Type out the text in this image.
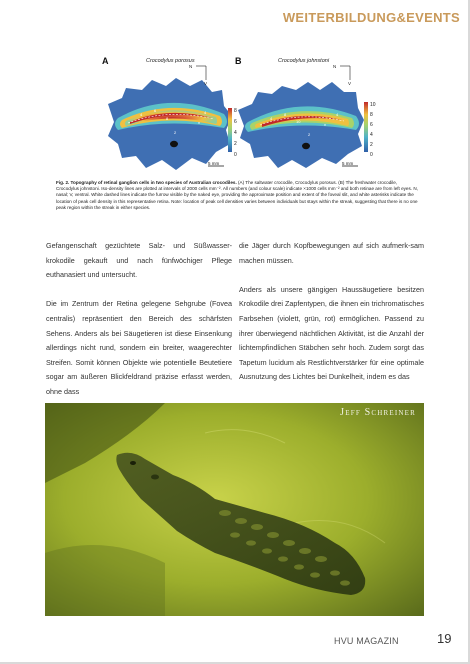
WEITERBILDUNG&EVENTS
A	Crocodylus porosus	B	Crocodylus johnstoni
4
6
8
2
4
*
N
V
4
8
10
2
4
*
N
V
8
6
4
2
0
5 mm
10
8
6
4
2
0
5 mm
Fig. 2. Topography of retinal ganglion cells in two species of Australian crocodiles. (A) The saltwater crocodile, Crocodylus porosus. (B) The freshwater crocodile, Crocodylus johnstoni. Iso-density lines are plotted at intervals of 2000 cells mm⁻². All numbers (and colour scale) indicate ×1000 cells mm⁻² and both retinae are from left eyes. N, nasal; V, ventral. White dashed lines indicate the furrow visible by the naked eye, providing the approximate position and extent of the foveal slit, and white asterisks indicate the location of peak cell density in this representative retina. Note: location of peak cell densities varies between individuals but stays within the streak, suggesting that there is no one peak region within the streak in either species.

Gefangenschaft gezüchtete Salz- und Süßwasser-krokodile gekauft und nach fünfwöchiger Pflege euthanasiert und untersucht.

Die im Zentrum der Retina gelegene Sehgrube (Fovea centralis) repräsentiert den Bereich des schärfsten Sehens. Anders als bei Säugetieren ist diese Einsenkung allerdings nicht rund, sondern ein breiter, waagerechter Streifen. Somit können Objekte wie potentielle Beutetiere sogar am äußeren Blickfeldrand präzise erfasst werden, ohne dass

die Jäger durch Kopfbewegungen auf sich aufmerk-sam machen müssen.

Anders als unsere gängigen Haussäugetiere besitzen Krokodile drei Zapfentypen, die ihnen ein trichromatisches Farbsehen (violett, grün, rot) ermöglichen. Passend zu ihrer überwiegend nächtlichen Aktivität, ist die Anzahl der lichtempfindlichen Stäbchen sehr hoch. Zudem sorgt das Tapetum lucidum als Restlichtverstärker für eine optimale Ausnutzung des Lichtes bei Dunkelheit, indem es das

Jeff Schreiner
HVU MAGAZIN	19
